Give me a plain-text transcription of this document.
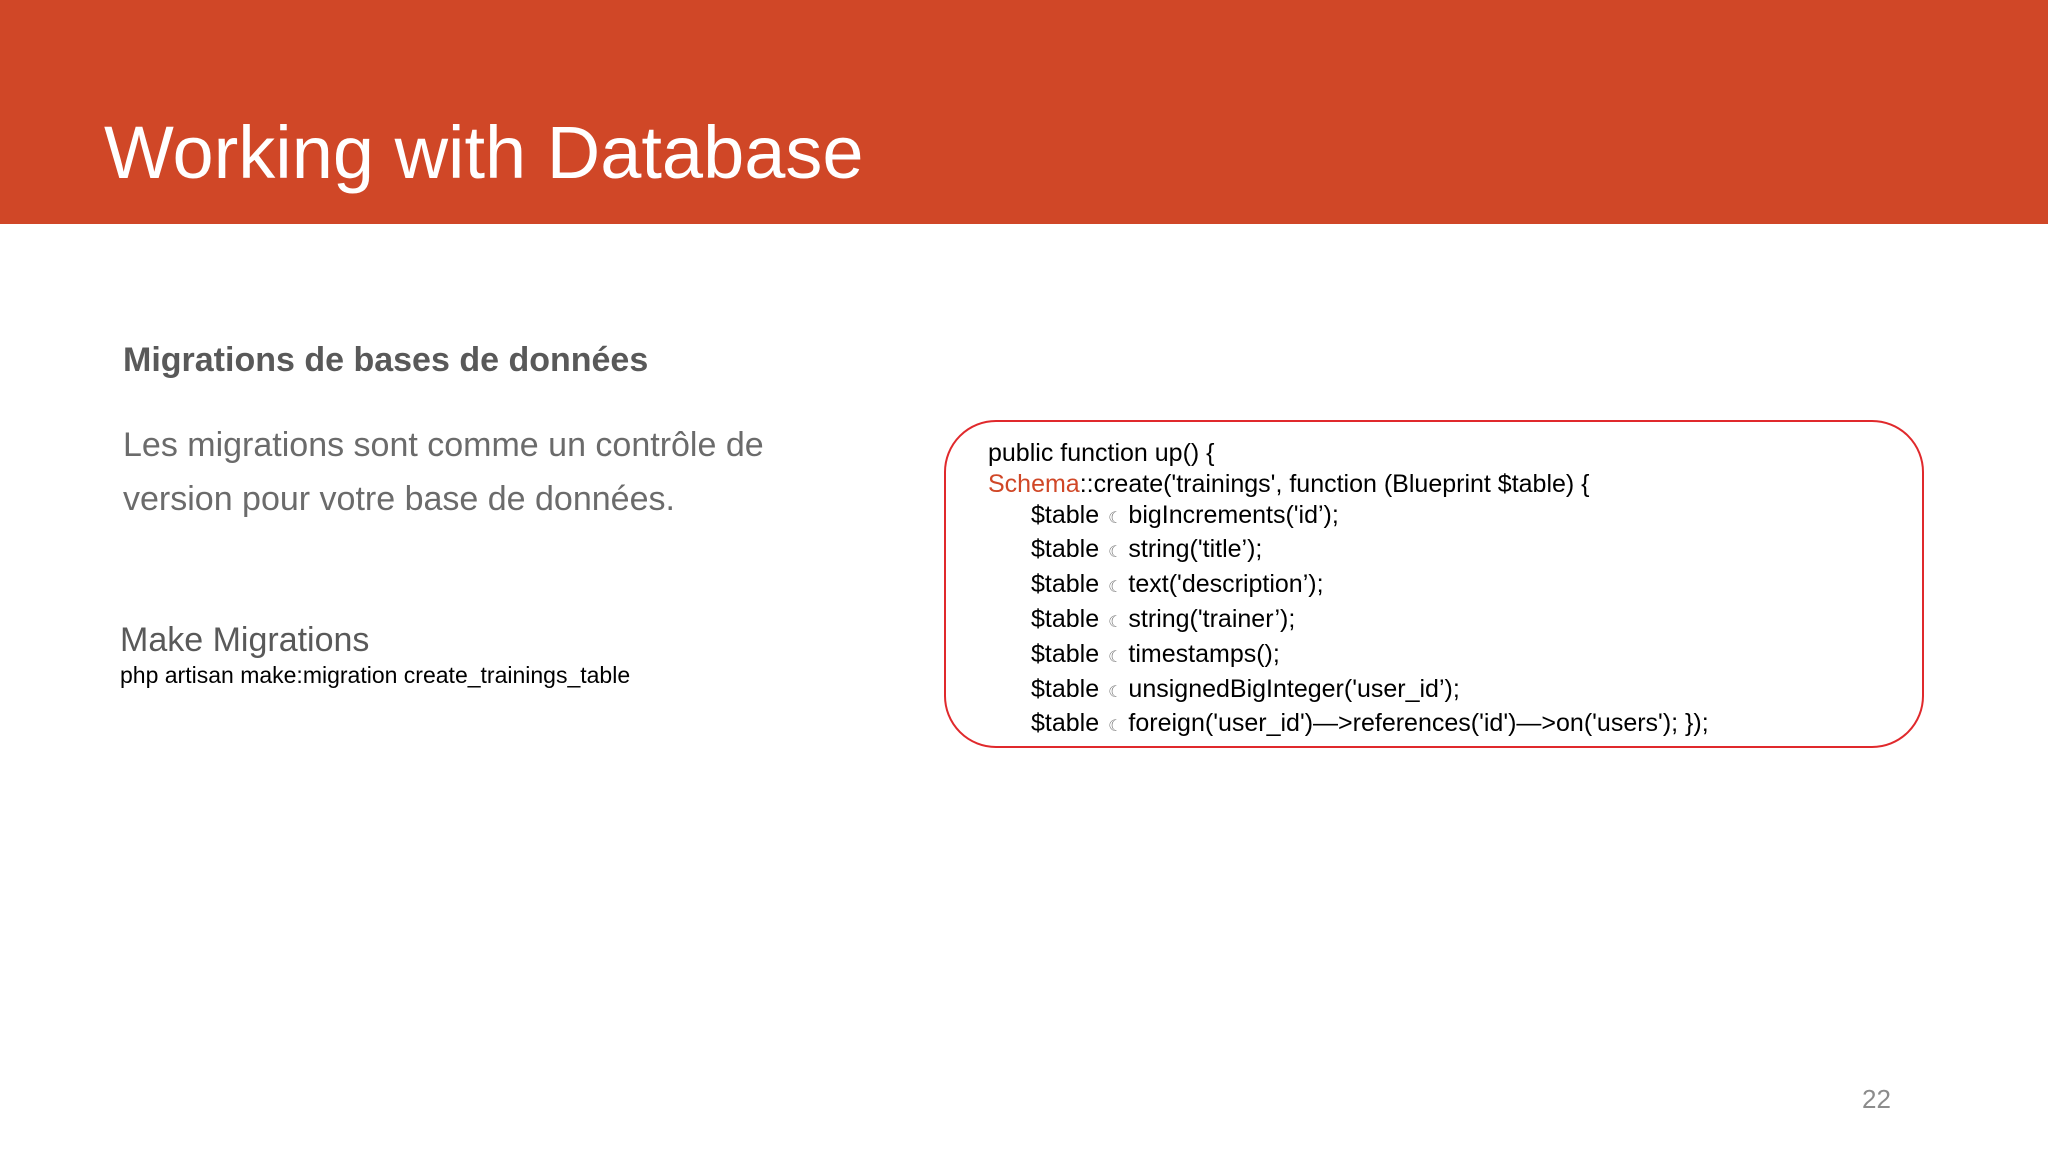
Working with Database
Migrations de bases de données
Les migrations sont comme un contrôle de
version pour votre base de données.
Make Migrations
php artisan make:migration create_trainings_table
public function up() {
Schema::create('trainings', function (Blueprint $table) {
$table ☾ bigIncrements('id’);
$table ☾ string('title’);
$table ☾ text('description’);
$table ☾ string('trainer’);
$table ☾ timestamps();
$table ☾ unsignedBigInteger('user_id’);
$table ☾ foreign('user_id')—>references('id')—>on('users'); });
22
